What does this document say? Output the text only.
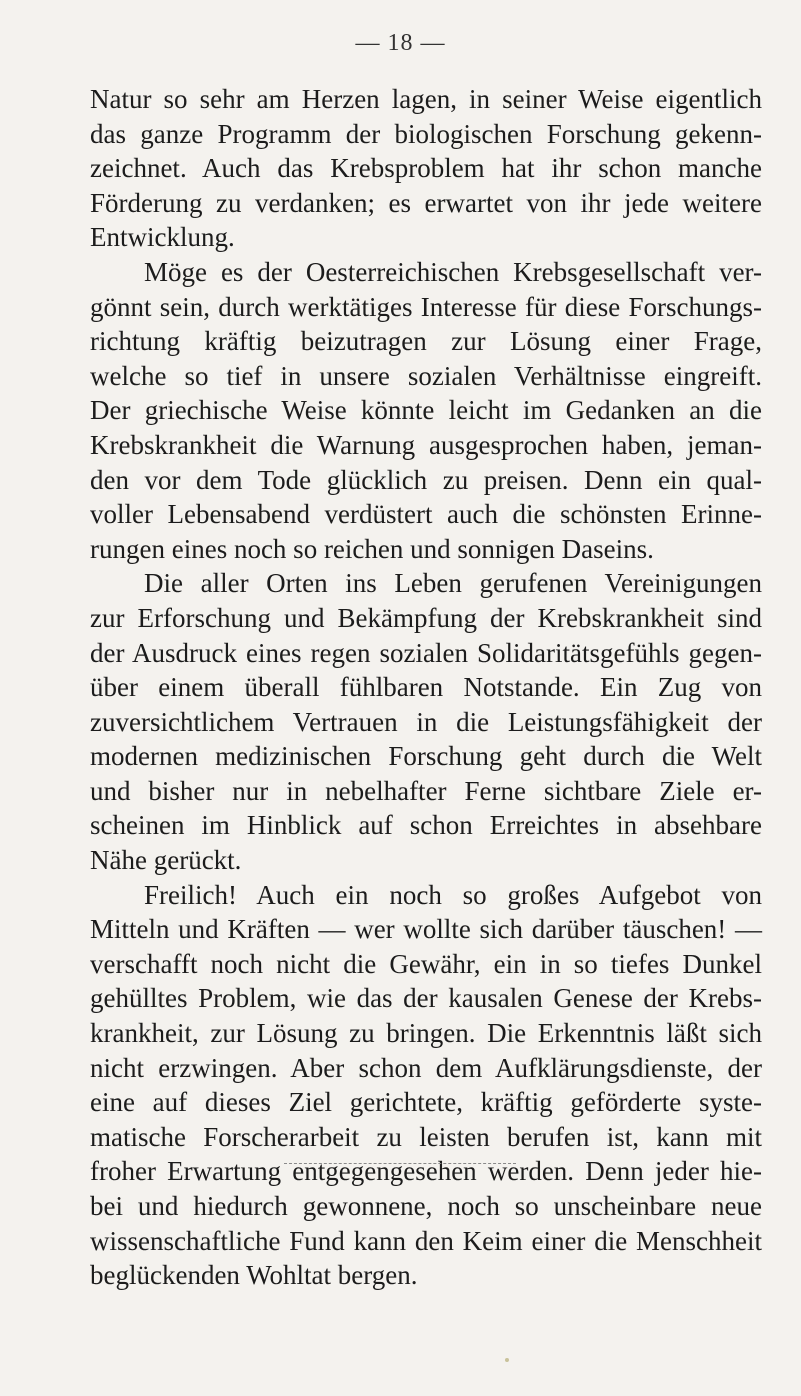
— 18 —
Natur so sehr am Herzen lagen, in seiner Weise eigentlich
das ganze Programm der biologischen Forschung gekenn-
zeichnet. Auch das Krebsproblem hat ihr schon manche
Förderung zu verdanken; es erwartet von ihr jede weitere
Entwicklung.
Möge es der Oesterreichischen Krebsgesellschaft ver-
gönnt sein, durch werktätiges Interesse für diese Forschungs-
richtung kräftig beizutragen zur Lösung einer Frage,
welche so tief in unsere sozialen Verhältnisse eingreift.
Der griechische Weise könnte leicht im Gedanken an die
Krebskrankheit die Warnung ausgesprochen haben, jeman-
den vor dem Tode glücklich zu preisen. Denn ein qual-
voller Lebensabend verdüstert auch die schönsten Erinne-
rungen eines noch so reichen und sonnigen Daseins.
Die aller Orten ins Leben gerufenen Vereinigungen
zur Erforschung und Bekämpfung der Krebskrankheit sind
der Ausdruck eines regen sozialen Solidaritätsgefühls gegen-
über einem überall fühlbaren Notstande. Ein Zug von
zuversichtlichem Vertrauen in die Leistungsfähigkeit der
modernen medizinischen Forschung geht durch die Welt
und bisher nur in nebelhafter Ferne sichtbare Ziele er-
scheinen im Hinblick auf schon Erreichtes in absehbare
Nähe gerückt.
Freilich! Auch ein noch so großes Aufgebot von
Mitteln und Kräften — wer wollte sich darüber täuschen! —
verschafft noch nicht die Gewähr, ein in so tiefes Dunkel
gehülltes Problem, wie das der kausalen Genese der Krebs-
krankheit, zur Lösung zu bringen. Die Erkenntnis läßt sich
nicht erzwingen. Aber schon dem Aufklärungsdienste, der
eine auf dieses Ziel gerichtete, kräftig geförderte syste-
matische Forscherarbeit zu leisten berufen ist, kann mit
froher Erwartung entgegengesehen werden. Denn jeder hie-
bei und hiedurch gewonnene, noch so unscheinbare neue
wissenschaftliche Fund kann den Keim einer die Menschheit
beglückenden Wohltat bergen.
